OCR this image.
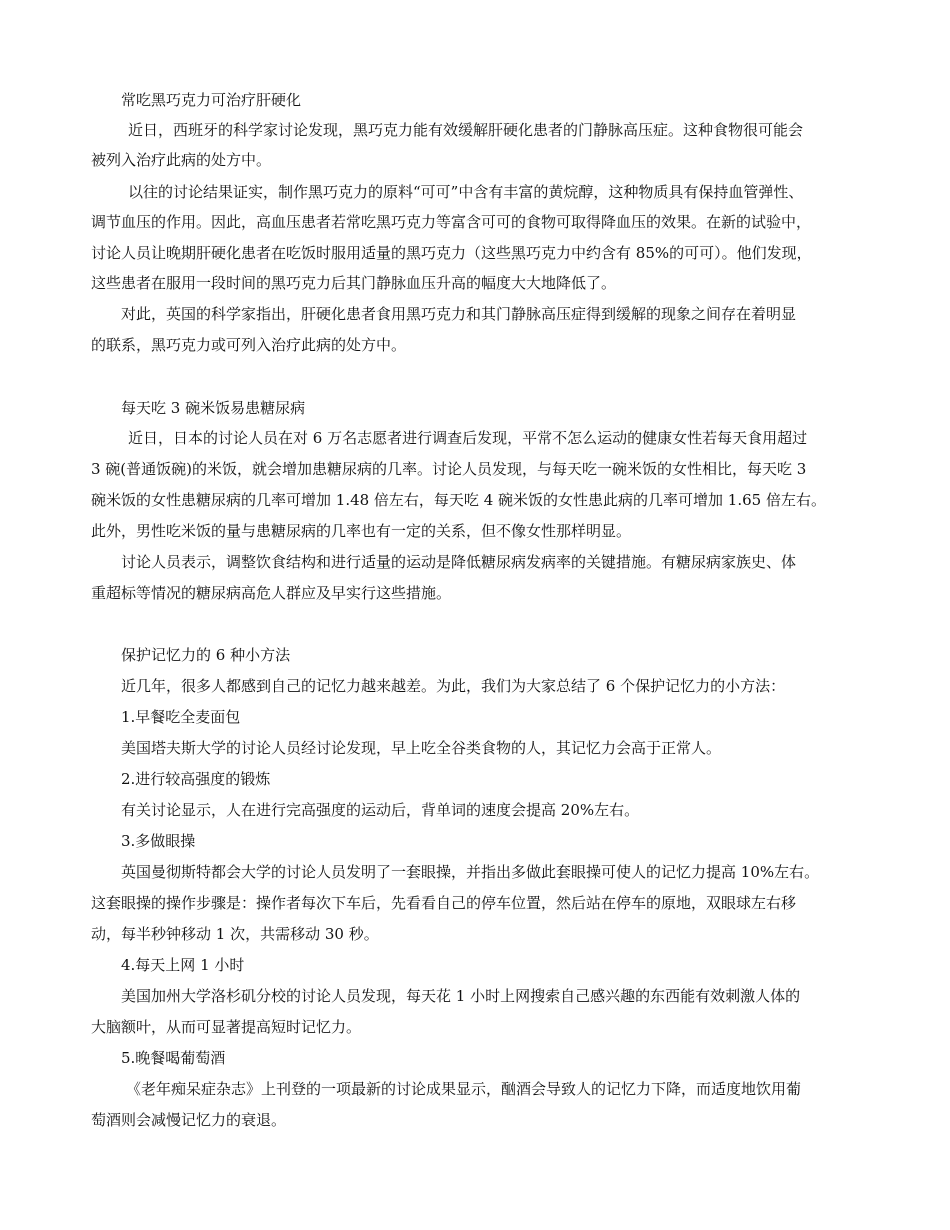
常吃黑巧克力可治疗肝硬化

近日，西班牙的科学家讨论发现，黑巧克力能有效缓解肝硬化患者的门静脉高压症。这种食物很可能会

被列入治疗此病的处方中。

以往的讨论结果证实，制作黑巧克力的原料“可可”中含有丰富的黄烷醇，这种物质具有保持血管弹性、

调节血压的作用。因此，高血压患者若常吃黑巧克力等富含可可的食物可取得降血压的效果。在新的试验中，

讨论人员让晚期肝硬化患者在吃饭时服用适量的黑巧克力（这些黑巧克力中约含有 85%的可可）。他们发现，

这些患者在服用一段时间的黑巧克力后其门静脉血压升高的幅度大大地降低了。

对此，英国的科学家指出，肝硬化患者食用黑巧克力和其门静脉高压症得到缓解的现象之间存在着明显

的联系，黑巧克力或可列入治疗此病的处方中。

每天吃 3 碗米饭易患糖尿病

近日，日本的讨论人员在对 6 万名志愿者进行调查后发现，平常不怎么运动的健康女性若每天食用超过

3 碗(普通饭碗)的米饭，就会增加患糖尿病的几率。讨论人员发现，与每天吃一碗米饭的女性相比，每天吃 3

碗米饭的女性患糖尿病的几率可增加 1.48 倍左右，每天吃 4 碗米饭的女性患此病的几率可增加 1.65 倍左右。

此外，男性吃米饭的量与患糖尿病的几率也有一定的关系，但不像女性那样明显。

讨论人员表示，调整饮食结构和进行适量的运动是降低糖尿病发病率的关键措施。有糖尿病家族史、体

重超标等情况的糖尿病高危人群应及早实行这些措施。

保护记忆力的 6 种小方法

近几年，很多人都感到自己的记忆力越来越差。为此，我们为大家总结了 6 个保护记忆力的小方法：

1.早餐吃全麦面包

美国塔夫斯大学的讨论人员经讨论发现，早上吃全谷类食物的人，其记忆力会高于正常人。

2.进行较高强度的锻炼

有关讨论显示，人在进行完高强度的运动后，背单词的速度会提高 20%左右。

3.多做眼操

英国曼彻斯特都会大学的讨论人员发明了一套眼操，并指出多做此套眼操可使人的记忆力提高 10%左右。

这套眼操的操作步骤是：操作者每次下车后，先看看自己的停车位置，然后站在停车的原地，双眼球左右移

动，每半秒钟移动 1 次，共需移动 30 秒。

4.每天上网 1 小时

美国加州大学洛杉矶分校的讨论人员发现，每天花 1 小时上网搜索自己感兴趣的东西能有效刺激人体的

大脑额叶，从而可显著提高短时记忆力。

5.晚餐喝葡萄酒

《老年痴呆症杂志》上刊登的一项最新的讨论成果显示，酗酒会导致人的记忆力下降，而适度地饮用葡

萄酒则会减慢记忆力的衰退。
